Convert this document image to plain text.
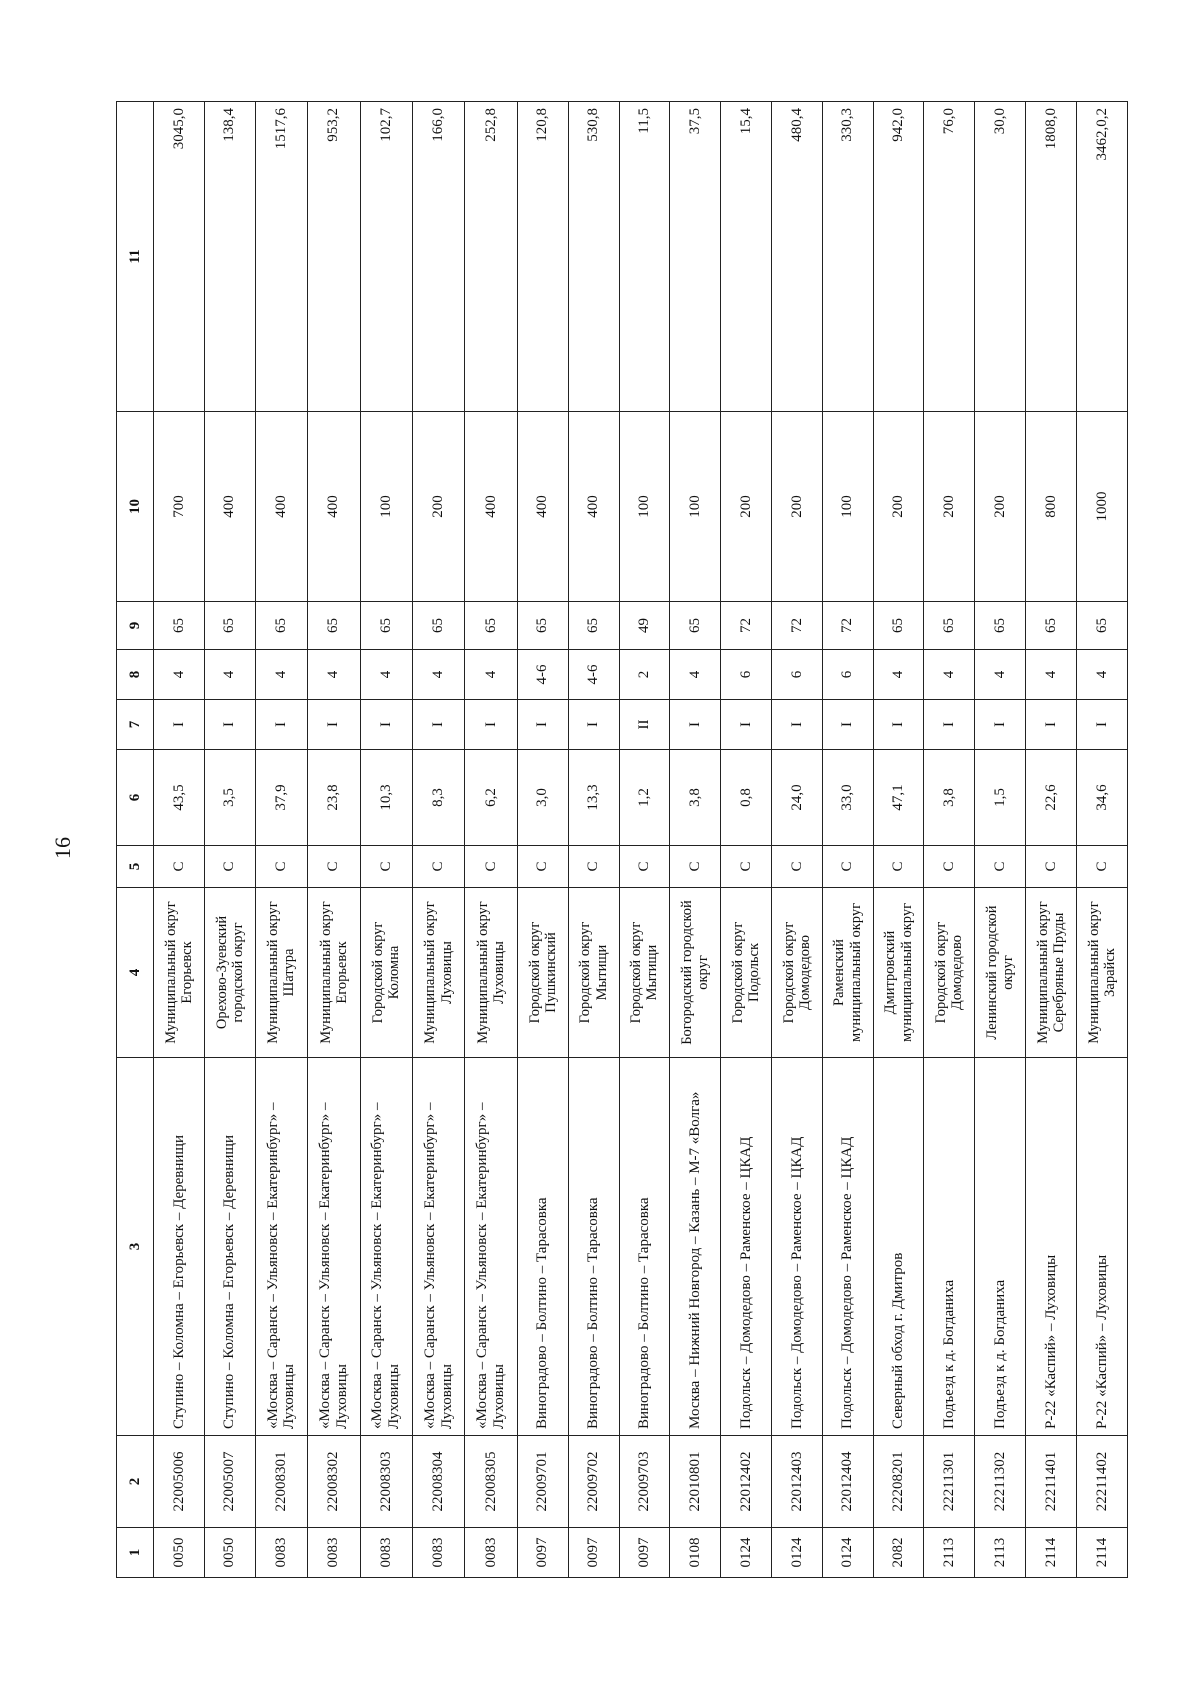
16
1	2	3	4	5	6	7	8	9	10	11
0050	22005006	Ступино – Коломна – Егорьевск – Деревнищи	Муниципальный округ Егорьевск	С	43,5	I	4	65	700	3045,0
0050	22005007	Ступино – Коломна – Егорьевск – Деревнищи	Орехово-Зуевский городской округ	С	3,5	I	4	65	400	138,4
0083	22008301	«Москва – Саранск – Ульяновск – Екатеринбург» – Луховицы	Муниципальный округ Шатура	С	37,9	I	4	65	400	1517,6
0083	22008302	«Москва – Саранск – Ульяновск – Екатеринбург» – Луховицы	Муниципальный округ Егорьевск	С	23,8	I	4	65	400	953,2
0083	22008303	«Москва – Саранск – Ульяновск – Екатеринбург» – Луховицы	Городской округ Коломна	С	10,3	I	4	65	100	102,7
0083	22008304	«Москва – Саранск – Ульяновск – Екатеринбург» – Луховицы	Муниципальный округ Луховицы	С	8,3	I	4	65	200	166,0
0083	22008305	«Москва – Саранск – Ульяновск – Екатеринбург» – Луховицы	Муниципальный округ Луховицы	С	6,2	I	4	65	400	252,8
0097	22009701	Виноградово – Болтино – Тарасовка	Городской округ Пушкинский	С	3,0	I	4-6	65	400	120,8
0097	22009702	Виноградово – Болтино – Тарасовка	Городской округ Мытищи	С	13,3	I	4-6	65	400	530,8
0097	22009703	Виноградово – Болтино – Тарасовка	Городской округ Мытищи	С	1,2	II	2	49	100	11,5
0108	22010801	Москва – Нижний Новгород – Казань – М-7 «Волга»	Богородский городской округ	С	3,8	I	4	65	100	37,5
0124	22012402	Подольск – Домодедово – Раменское – ЦКАД	Городской округ Подольск	С	0,8	I	6	72	200	15,4
0124	22012403	Подольск – Домодедово – Раменское – ЦКАД	Городской округ Домодедово	С	24,0	I	6	72	200	480,4
0124	22012404	Подольск – Домодедово – Раменское – ЦКАД	Раменский муниципальный округ	С	33,0	I	6	72	100	330,3
2082	22208201	Северный обход г. Дмитров	Дмитровский муниципальный округ	С	47,1	I	4	65	200	942,0
2113	22211301	Подъезд к д. Богданиха	Городской округ Домодедово	С	3,8	I	4	65	200	76,0
2113	22211302	Подъезд к д. Богданиха	Ленинский городской округ	С	1,5	I	4	65	200	30,0
2114	22211401	Р-22 «Каспий» – Луховицы	Муниципальный округ Серебряные Пруды	С	22,6	I	4	65	800	1808,0
2114	22211402	Р-22 «Каспий» – Луховицы	Муниципальный округ Зарайск	С	34,6	I	4	65	1000	3462,0,2
